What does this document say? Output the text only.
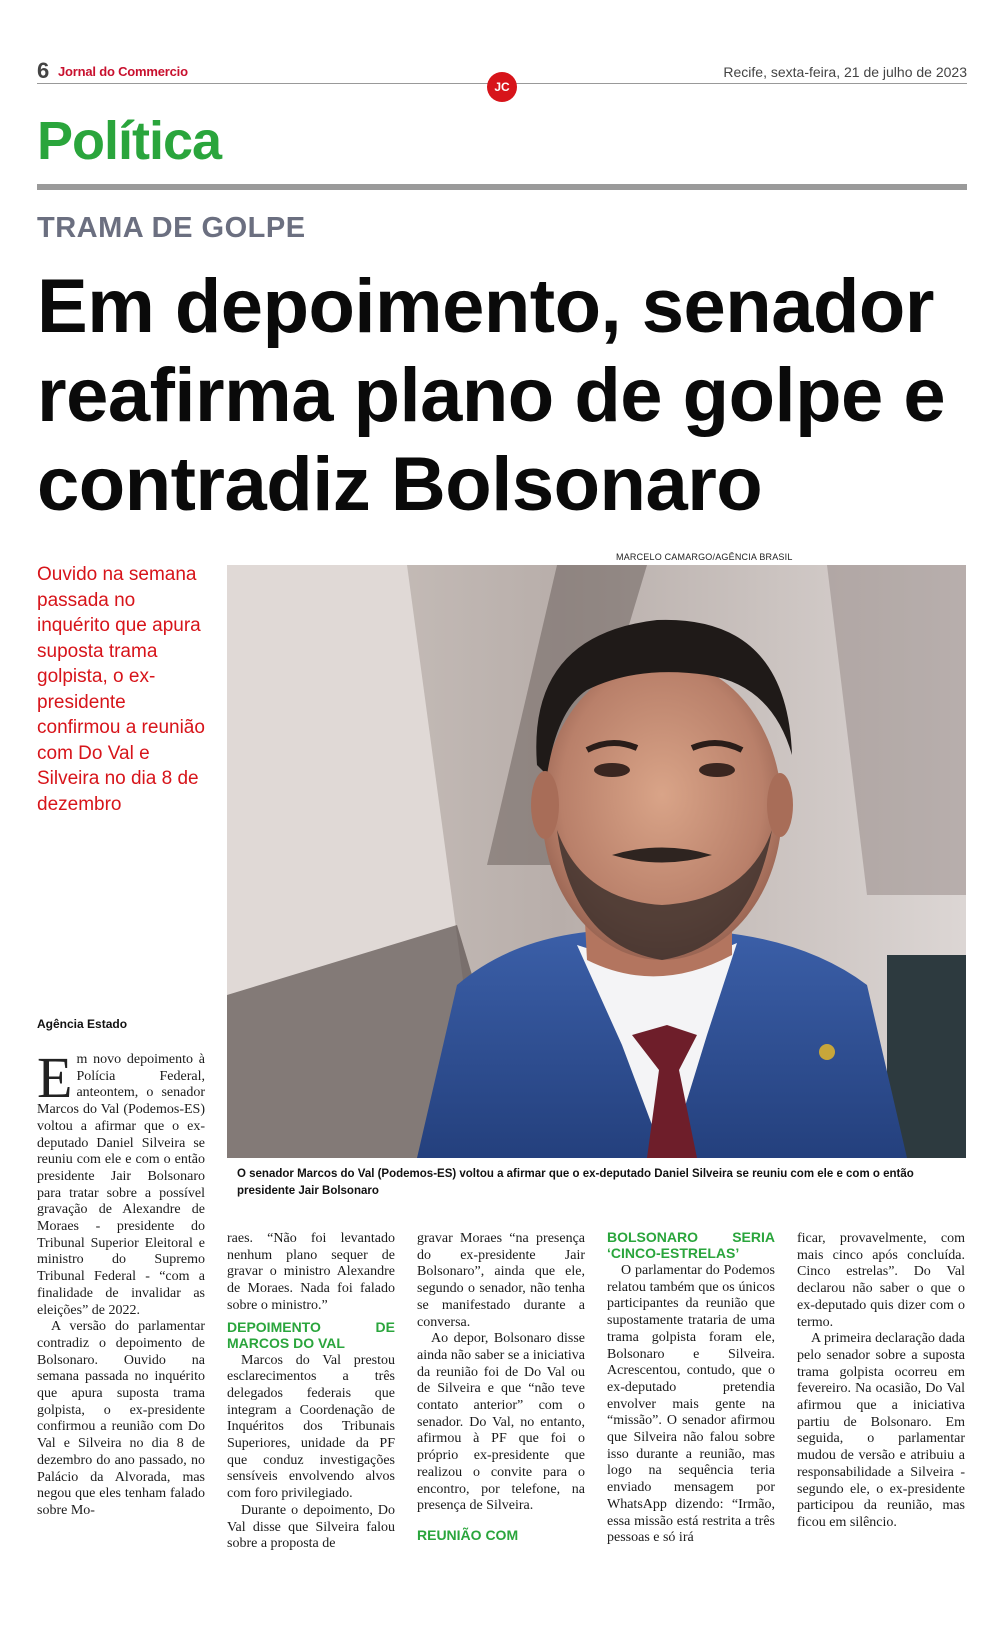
6 Jornal do Commercio	Recife, sexta-feira, 21 de julho de 2023
JC
Política
TRAMA DE GOLPE
Em depoimento, senador reafirma plano de golpe e contradiz Bolsonaro
Ouvido na semana passada no inquérito que apura suposta trama golpista, o ex-presidente confirmou a reunião com Do Val e Silveira no dia 8 de dezembro
MARCELO CAMARGO/AGÊNCIA BRASIL
O senador Marcos do Val (Podemos-ES) voltou a afirmar que o ex-deputado Daniel Silveira se reuniu com ele e com o então presidente Jair Bolsonaro
Agência Estado

Em novo depoimento à Polícia Federal, anteontem, o senador Marcos do Val (Podemos-ES) voltou a afirmar que o ex-deputado Daniel Silveira se reuniu com ele e com o então presidente Jair Bolsonaro para tratar sobre a possível gravação de Alexandre de Moraes - presidente do Tribunal Superior Eleitoral e ministro do Supremo Tribunal Federal - “com a finalidade de invalidar as eleições” de 2022.

A versão do parlamentar contradiz o depoimento de Bolsonaro. Ouvido na semana passada no inquérito que apura suposta trama golpista, o ex-presidente confirmou a reunião com Do Val e Silveira no dia 8 de dezembro do ano passado, no Palácio da Alvorada, mas negou que eles tenham falado sobre Mo-

raes. “Não foi levantado nenhum plano sequer de gravar o ministro Alexandre de Moraes. Nada foi falado sobre o ministro.”

DEPOIMENTO DE MARCOS DO VAL

Marcos do Val prestou esclarecimentos a três delegados federais que integram a Coordenação de Inquéritos dos Tribunais Superiores, unidade da PF que conduz investigações sensíveis envolvendo alvos com foro privilegiado.

Durante o depoimento, Do Val disse que Silveira falou sobre a proposta de

gravar Moraes “na presença do ex-presidente Jair Bolsonaro”, ainda que ele, segundo o senador, não tenha se manifestado durante a conversa.

Ao depor, Bolsonaro disse ainda não saber se a iniciativa da reunião foi de Do Val ou de Silveira e que “não teve contato anterior” com o senador. Do Val, no entanto, afirmou à PF que foi o próprio ex-presidente que realizou o convite para o encontro, por telefone, na presença de Silveira.

REUNIÃO COM
BOLSONARO SERIA ‘CINCO-ESTRELAS’

O parlamentar do Podemos relatou também que os únicos participantes da reunião que supostamente trataria de uma trama golpista foram ele, Bolsonaro e Silveira. Acrescentou, contudo, que o ex-deputado pretendia envolver mais gente na “missão”. O senador afirmou que Silveira não falou sobre isso durante a reunião, mas logo na sequência teria enviado mensagem por WhatsApp dizendo: “Irmão, essa missão está restrita a três pessoas e só irá

ficar, provavelmente, com mais cinco após concluída. Cinco estrelas”. Do Val declarou não saber o que o ex-deputado quis dizer com o termo.

A primeira declaração dada pelo senador sobre a suposta trama golpista ocorreu em fevereiro. Na ocasião, Do Val afirmou que a iniciativa partiu de Bolsonaro. Em seguida, o parlamentar mudou de versão e atribuiu a responsabilidade a Silveira - segundo ele, o ex-presidente participou da reunião, mas ficou em silêncio.
